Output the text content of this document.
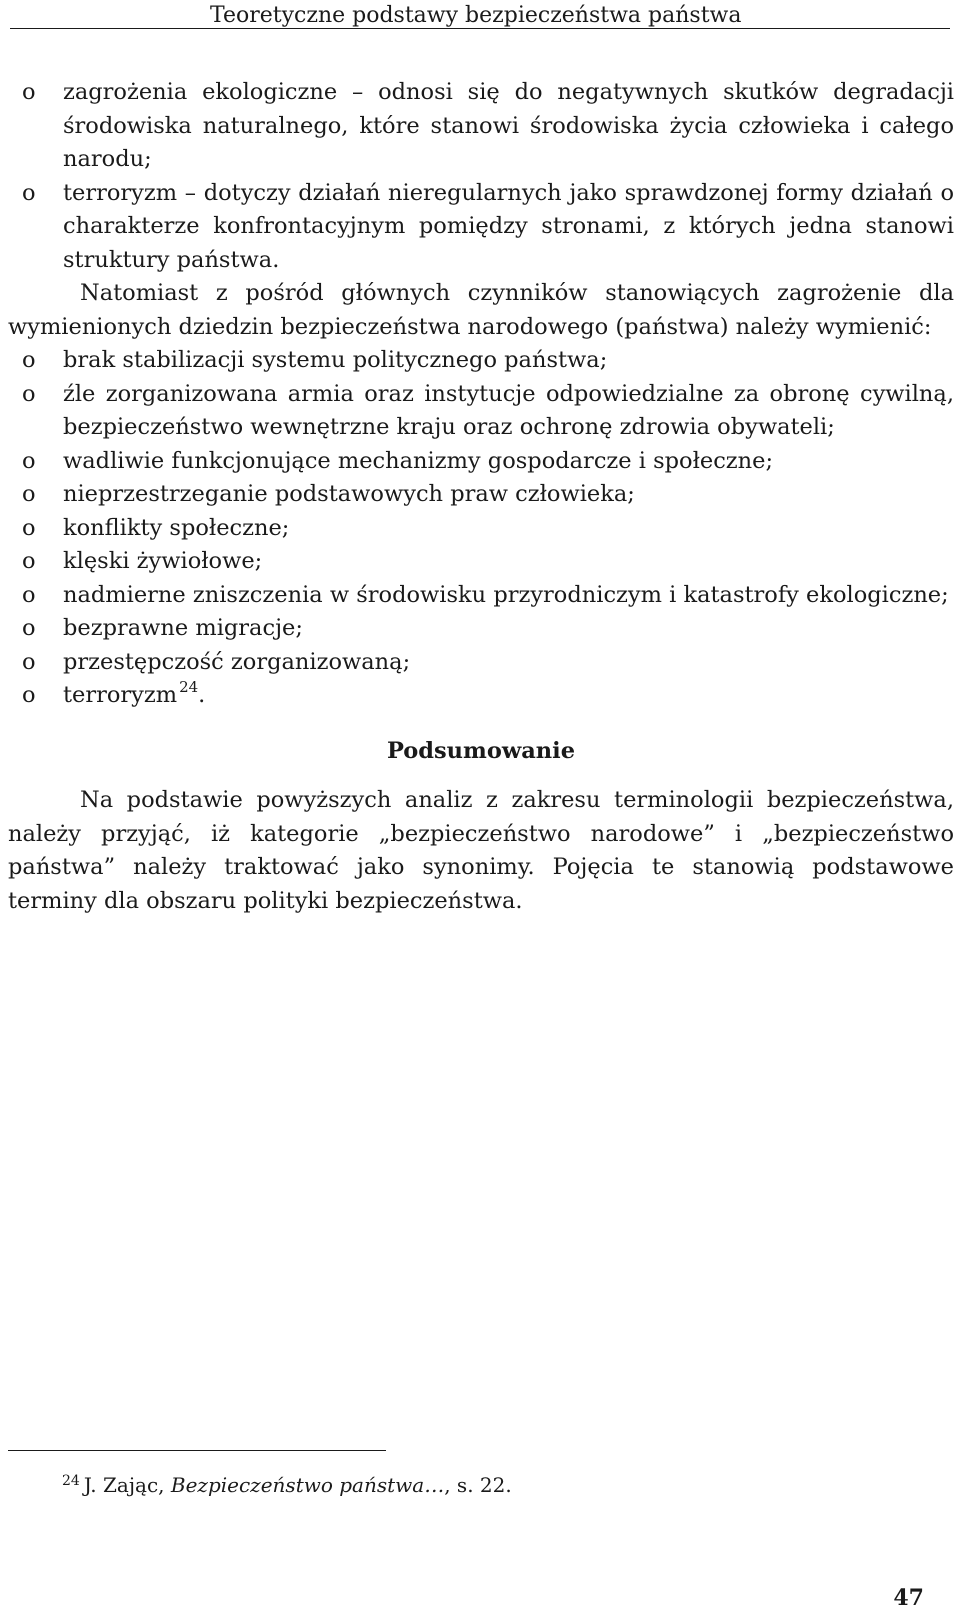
Teoretyczne podstawy bezpieczeństwa państwa
o zagrożenia ekologiczne – odnosi się do negatywnych skutków degradacji środowiska naturalnego, które stanowi środowiska życia człowieka i całego narodu;
o terroryzm – dotyczy działań nieregularnych jako sprawdzonej formy działań o charakterze konfrontacyjnym pomiędzy stronami, z których jedna stanowi struktury państwa.

Natomiast z pośród głównych czynników stanowiących zagrożenie dla wymienionych dziedzin bezpieczeństwa narodowego (państwa) należy wymienić:

o brak stabilizacji systemu politycznego państwa;
o źle zorganizowana armia oraz instytucje odpowiedzialne za obronę cywilną, bezpieczeństwo wewnętrzne kraju oraz ochronę zdrowia obywateli;
o wadliwie funkcjonujące mechanizmy gospodarcze i społeczne;
o nieprzestrzeganie podstawowych praw człowieka;
o konflikty społeczne;
o klęski żywiołowe;
o nadmierne zniszczenia w środowisku przyrodniczym i katastrofy ekologiczne;
o bezprawne migracje;
o przestępczość zorganizowaną;
o terroryzm $^{24}$.
Podsumowanie

Na podstawie powyższych analiz z zakresu terminologii bezpieczeństwa, należy przyjąć, iż kategorie „bezpieczeństwo narodowe” i „bezpieczeństwo państwa” należy traktować jako synonimy. Pojęcia te stanowią podstawowe terminy dla obszaru polityki bezpieczeństwa.

$^{24}$ J. Zając, Bezpieczeństwo państwa…, s. 22.
47
